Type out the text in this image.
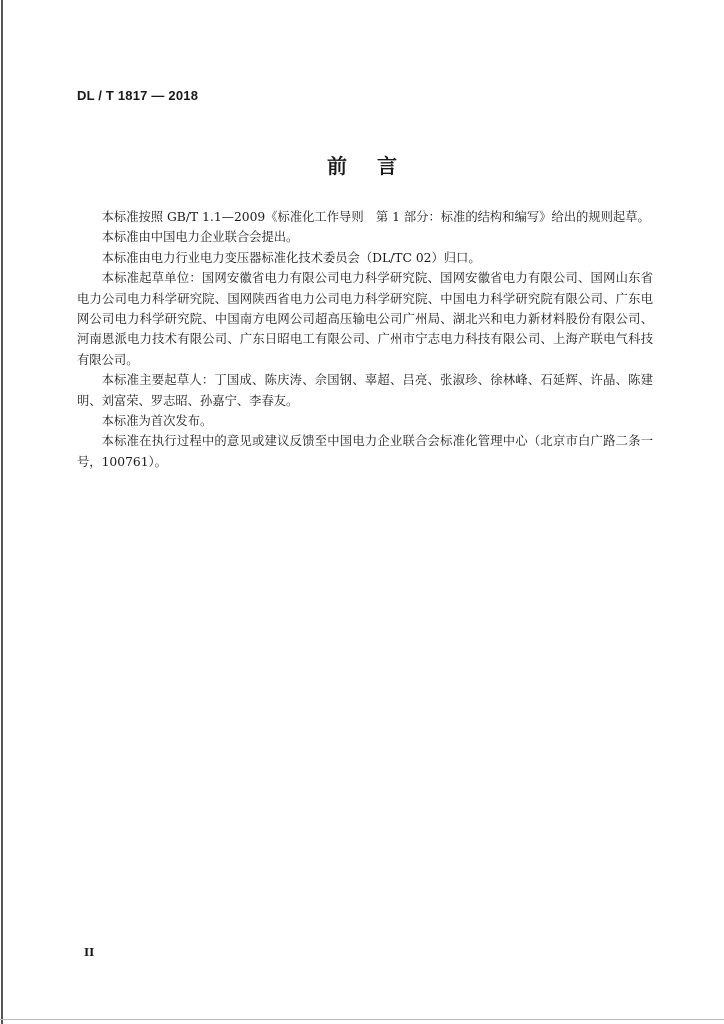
DL / T 1817 — 2018
前言

本标准按照 GB/T 1.1—2009《标准化工作导则　第 1 部分：标准的结构和编写》给出的规则起草。

本标准由中国电力企业联合会提出。

本标准由电力行业电力变压器标准化技术委员会（DL/TC 02）归口。

本标准起草单位：国网安徽省电力有限公司电力科学研究院、国网安徽省电力有限公司、国网山东省电力公司电力科学研究院、国网陕西省电力公司电力科学研究院、中国电力科学研究院有限公司、广东电网公司电力科学研究院、中国南方电网公司超高压输电公司广州局、湖北兴和电力新材料股份有限公司、河南恩派电力技术有限公司、广东日昭电工有限公司、广州市宁志电力科技有限公司、上海产联电气科技有限公司。

本标准主要起草人：丁国成、陈庆涛、佘国钢、辜超、吕亮、张淑珍、徐林峰、石延辉、许晶、陈建明、刘富荣、罗志昭、孙嘉宁、李春友。

本标准为首次发布。

本标准在执行过程中的意见或建议反馈至中国电力企业联合会标准化管理中心（北京市白广路二条一号，100761）。

II
